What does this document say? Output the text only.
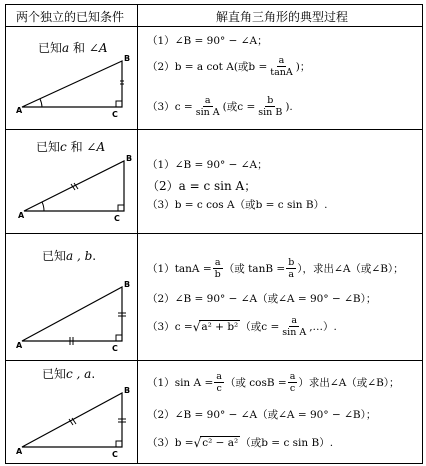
两个独立的已知条件	解直角三角形的典型过程
已知a 和 ∠A
A
B
C
（1） ∠B = 90° − ∠A；
（2） b = a cot A(或$b = \frac{a}{\tan A}$ )；
（3） $c = \frac{a}{\text{sin A}}$ (或$c = \frac{b}{\text{sin B}}$ ).
已知c 和 ∠A
A
B
C
（1） ∠B = 90° − ∠A；
（2） a = c sin A；
（3） b = c cos A（或b = c sin B）.
已知a , b.
A
B
C
（1） $\tan A = \frac{a}{b}$ （或 $\tan B = \frac{b}{a}$ ），求出∠A（或∠B）；
（2） ∠B = 90° − ∠A（或∠A = 90° − ∠B）；
（3） c = √ a² + b² （或$c = \frac{a}{\text{sin A}}$ ,…）.
已知c , a.
A
B
C
（1） $\sin A = \frac{a}{c}$ （或 $\cos B = \frac{a}{c}$ ）求出∠A（或∠B）；
（2） ∠B = 90° − ∠A（或∠A = 90° − ∠B）；
（3） b = √ c² − a² （或b = c sin B）.
